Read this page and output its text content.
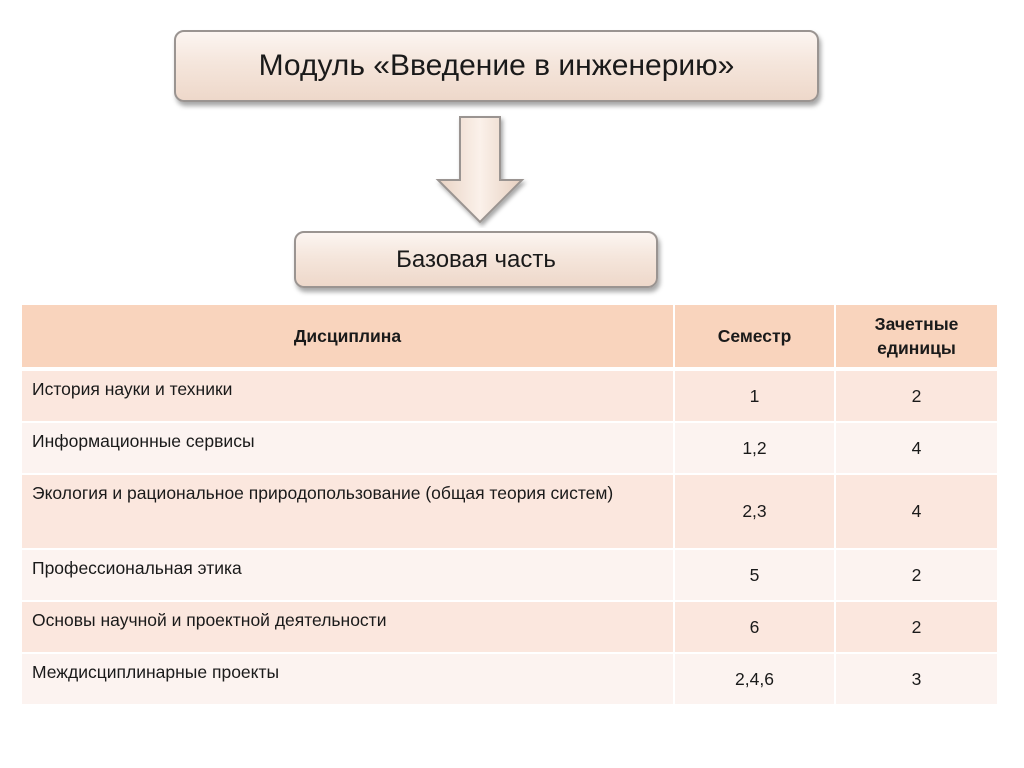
Модуль «Введение в инженерию»
Базовая часть
Дисциплина	Семестр	Зачетные единицы
История науки и техники	1	2
Информационные сервисы	1,2	4
Экология и рациональное природопользование (общая теория систем)	2,3	4
Профессиональная этика	5	2
Основы научной и проектной деятельности	6	2
Междисциплинарные проекты	2,4,6	3
